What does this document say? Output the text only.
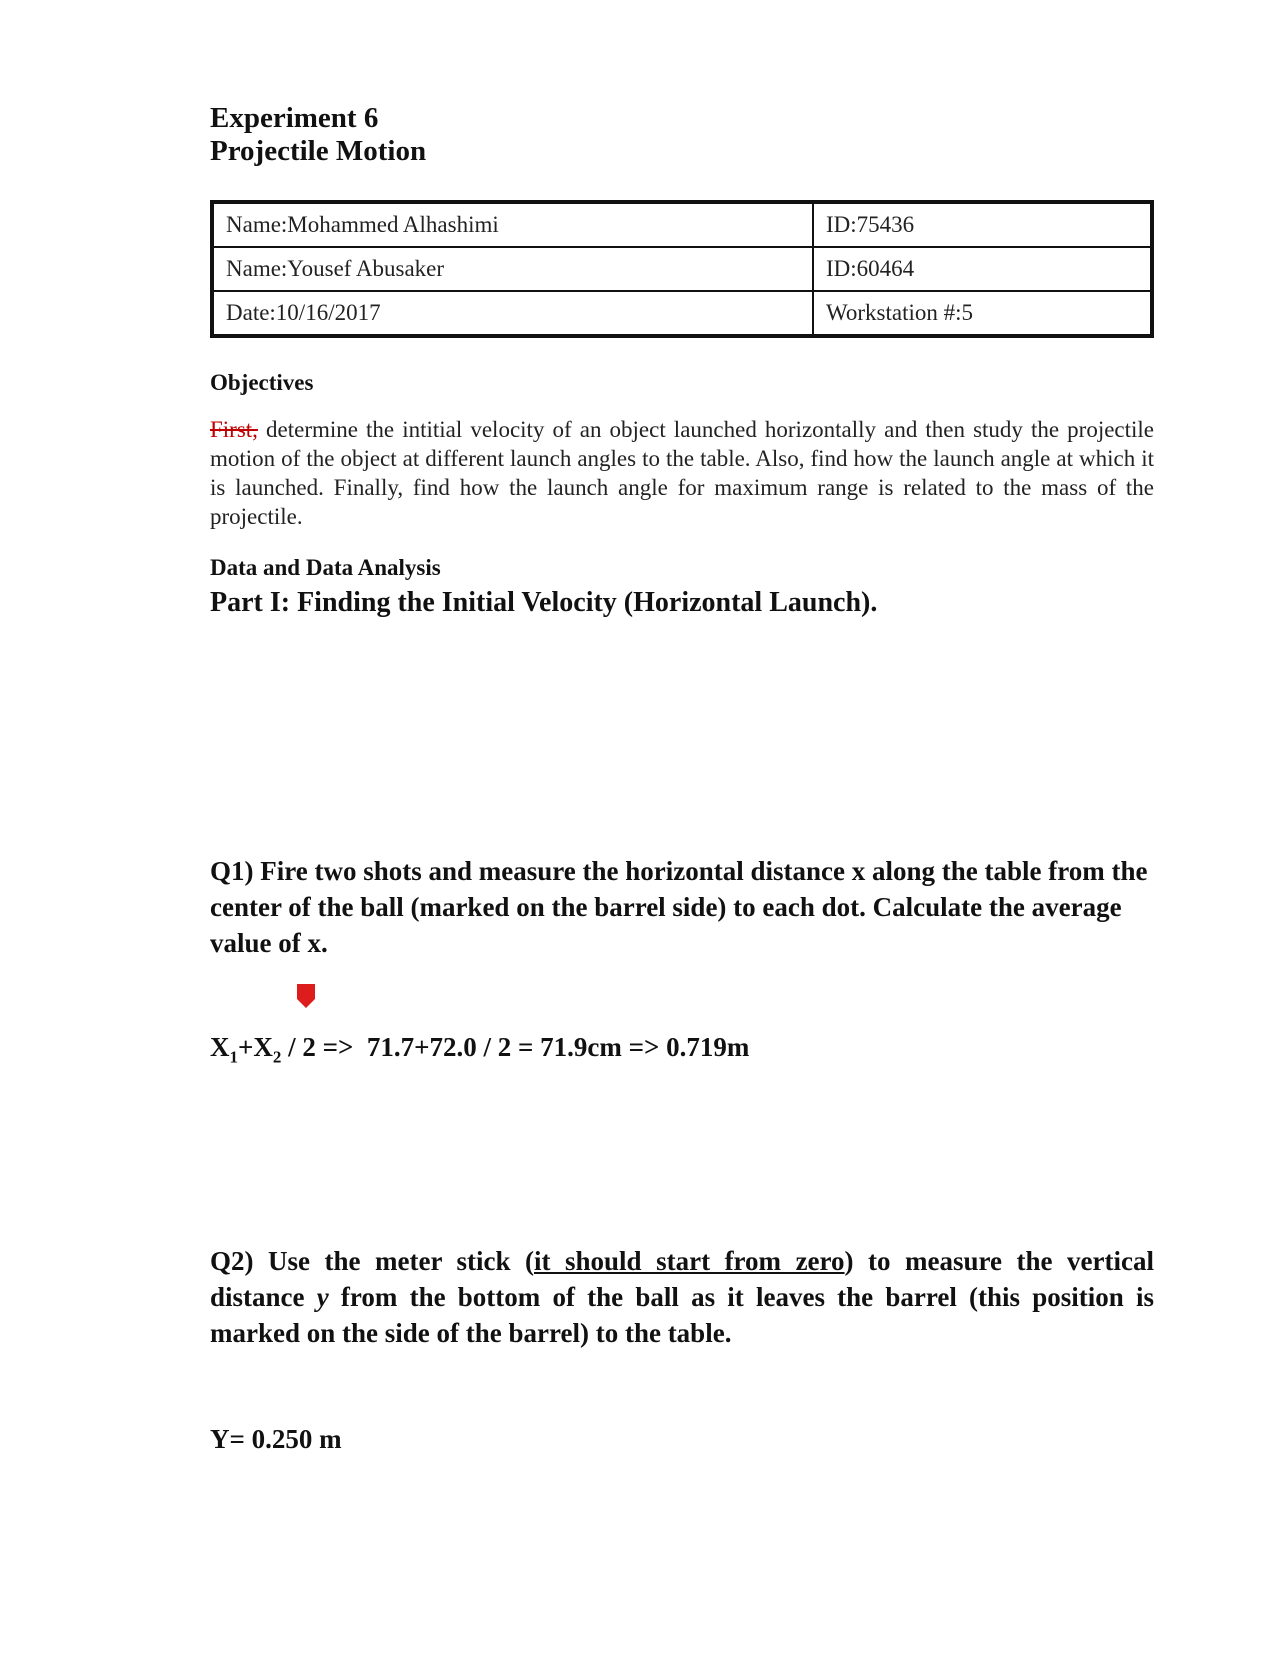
Experiment 6
Projectile Motion
Name:Mohammed Alhashimi	ID:75436
Name:Yousef Abusaker	ID:60464
Date:10/16/2017	Workstation #:5
Objectives
First, determine the intitial velocity of an object launched horizontally and then study the projectile motion of the object at different launch angles to the table. Also, find how the launch angle at which it is launched. Finally, find how the launch angle for maximum range is related to the mass of the projectile.
Data and Data Analysis
Part I: Finding the Initial Velocity (Horizontal Launch).
Q1) Fire two shots and measure the horizontal distance x along the table from the center of the ball (marked on the barrel side) to each dot. Calculate the average value of x.
$X_1+X_2 / 2 => 71.7+72.0 / 2 = 71.9cm => 0.719m$
Q2) Use the meter stick (it should start from zero) to measure the vertical distance y from the bottom of the ball as it leaves the barrel (this position is marked on the side of the barrel) to the table.
Y= 0.250 m
